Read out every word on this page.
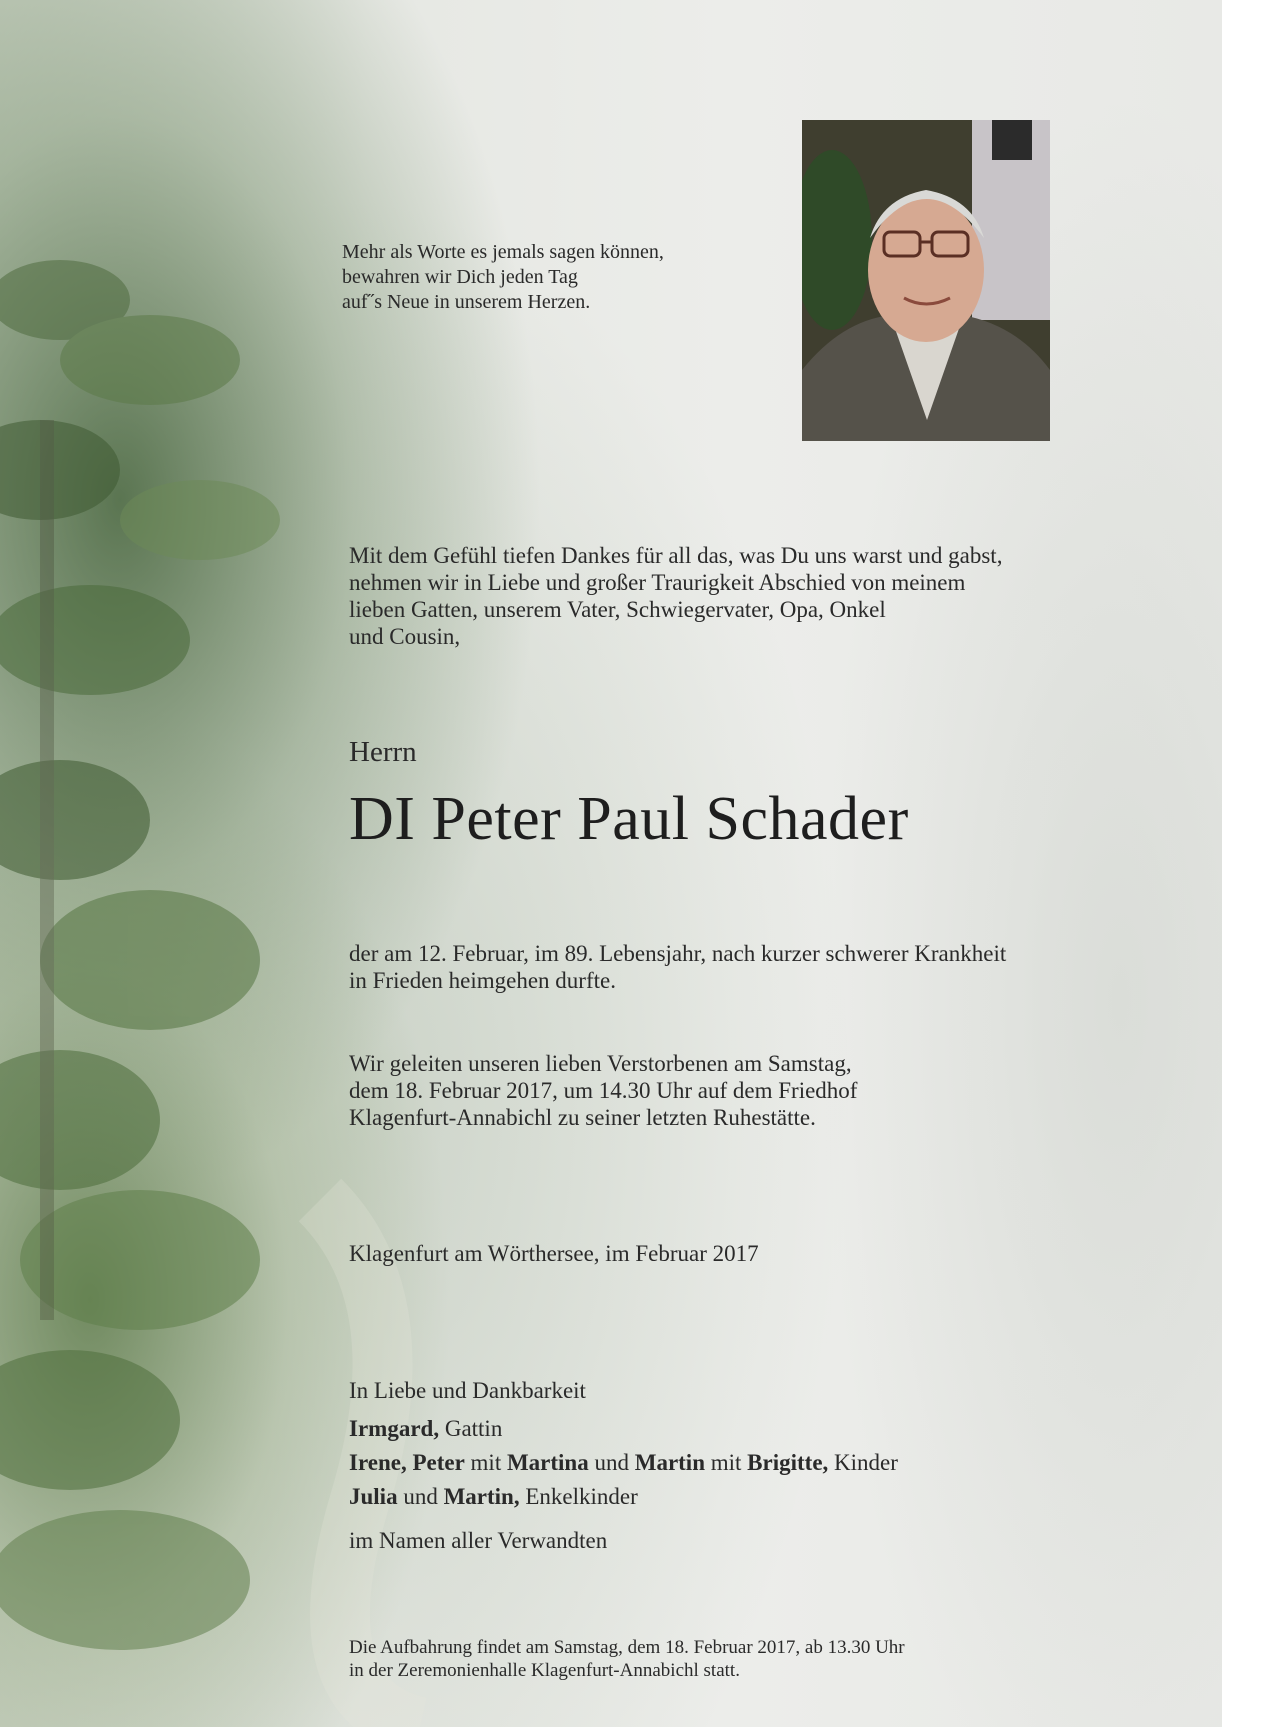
Mehr als Worte es jemals sagen können,
bewahren wir Dich jeden Tag
auf˝s Neue in unserem Herzen.
Mit dem Gefühl tiefen Dankes für all das, was Du uns warst und gabst,
nehmen wir in Liebe und großer Traurigkeit Abschied von meinem
lieben Gatten, unserem Vater, Schwiegervater, Opa, Onkel
und Cousin,
Herrn
DI Peter Paul Schader
der am 12. Februar, im 89. Lebensjahr, nach kurzer schwerer Krankheit
in Frieden heimgehen durfte.
Wir geleiten unseren lieben Verstorbenen am Samstag,
dem 18. Februar 2017, um 14.30 Uhr auf dem Friedhof
Klagenfurt-Annabichl zu seiner letzten Ruhestätte.
Klagenfurt am Wörthersee, im Februar 2017
In Liebe und Dankbarkeit
Irmgard, Gattin
Irene, Peter mit Martina und Martin mit Brigitte, Kinder
Julia und Martin, Enkelkinder
im Namen aller Verwandten
Die Aufbahrung findet am Samstag, dem 18. Februar 2017, ab 13.30 Uhr
in der Zeremonienhalle Klagenfurt-Annabichl statt.
